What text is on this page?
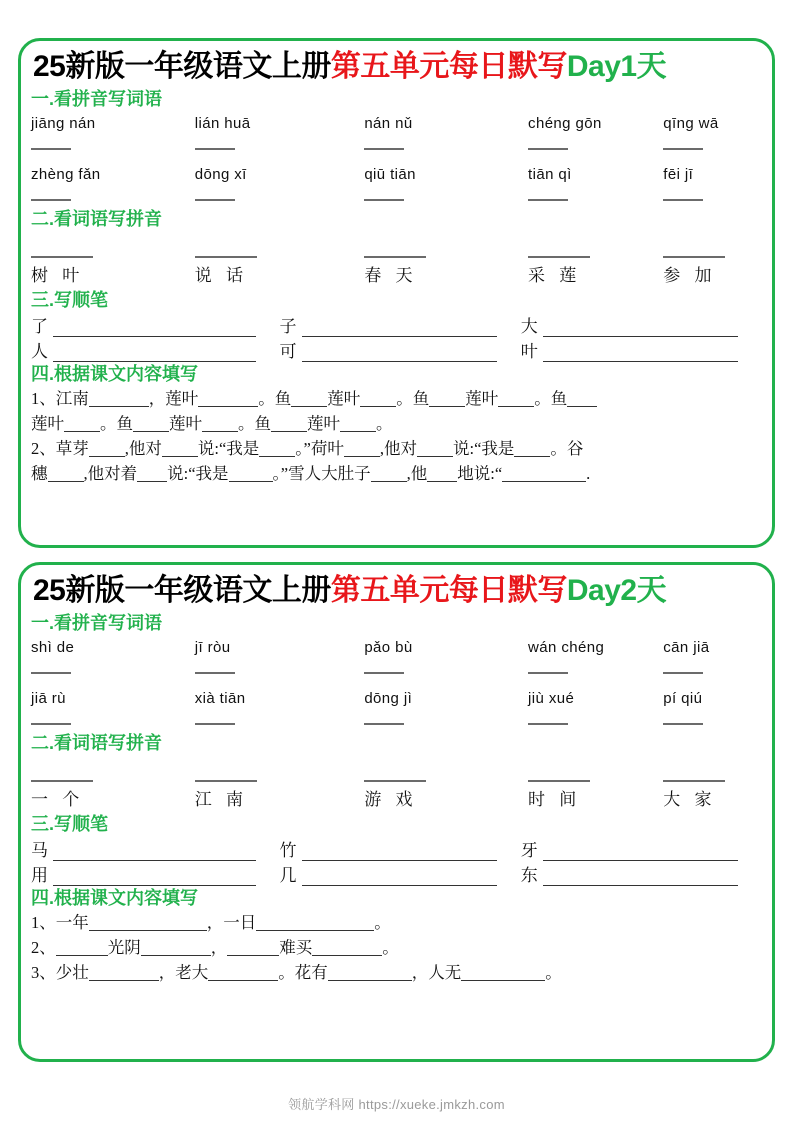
25新版一年级语文上册第五单元每日默写Day1天
一.看拼音写词语
jiāng nán	lián huā	nán nǔ	chéng gōn	qīng wā
zhèng fǎn	dōng xī	qiū tiān	tiān qì	fēi jī
二.看词语写拼音
树 叶	说 话	春 天	采 莲	参 加
三.写顺笔
了	子	大
人	可	叶
四.根据课文内容填写
1、江南	，莲叶	。鱼 莲叶 。鱼 莲叶 。鱼
莲叶 。鱼 莲叶 。鱼 莲叶 。
2、草芽 ,他对 说:“我是 。”荷叶 ,他对 说:“我是 。谷
穗 ,他对着 说:“我是	。”雪人大肚子 ,他 地说:“	.
25新版一年级语文上册第五单元每日默写Day2天
一.看拼音写词语
shì de	jī ròu	pǎo bù	wán chéng	cān jiā
jiā rù	xià tiān	dōng jì	jiù xué	pí qiú
二.看词语写拼音
一 个	江 南	游 戏	时 间	大 家
三.写顺笔
马	竹	牙
用	几	东
四.根据课文内容填写
1、一年	，一日	。
2、	光阴	，	难买	。
3、少壮	，老大	。花有	，人无	。
领航学科网 https://xueke.jmkzh.com
